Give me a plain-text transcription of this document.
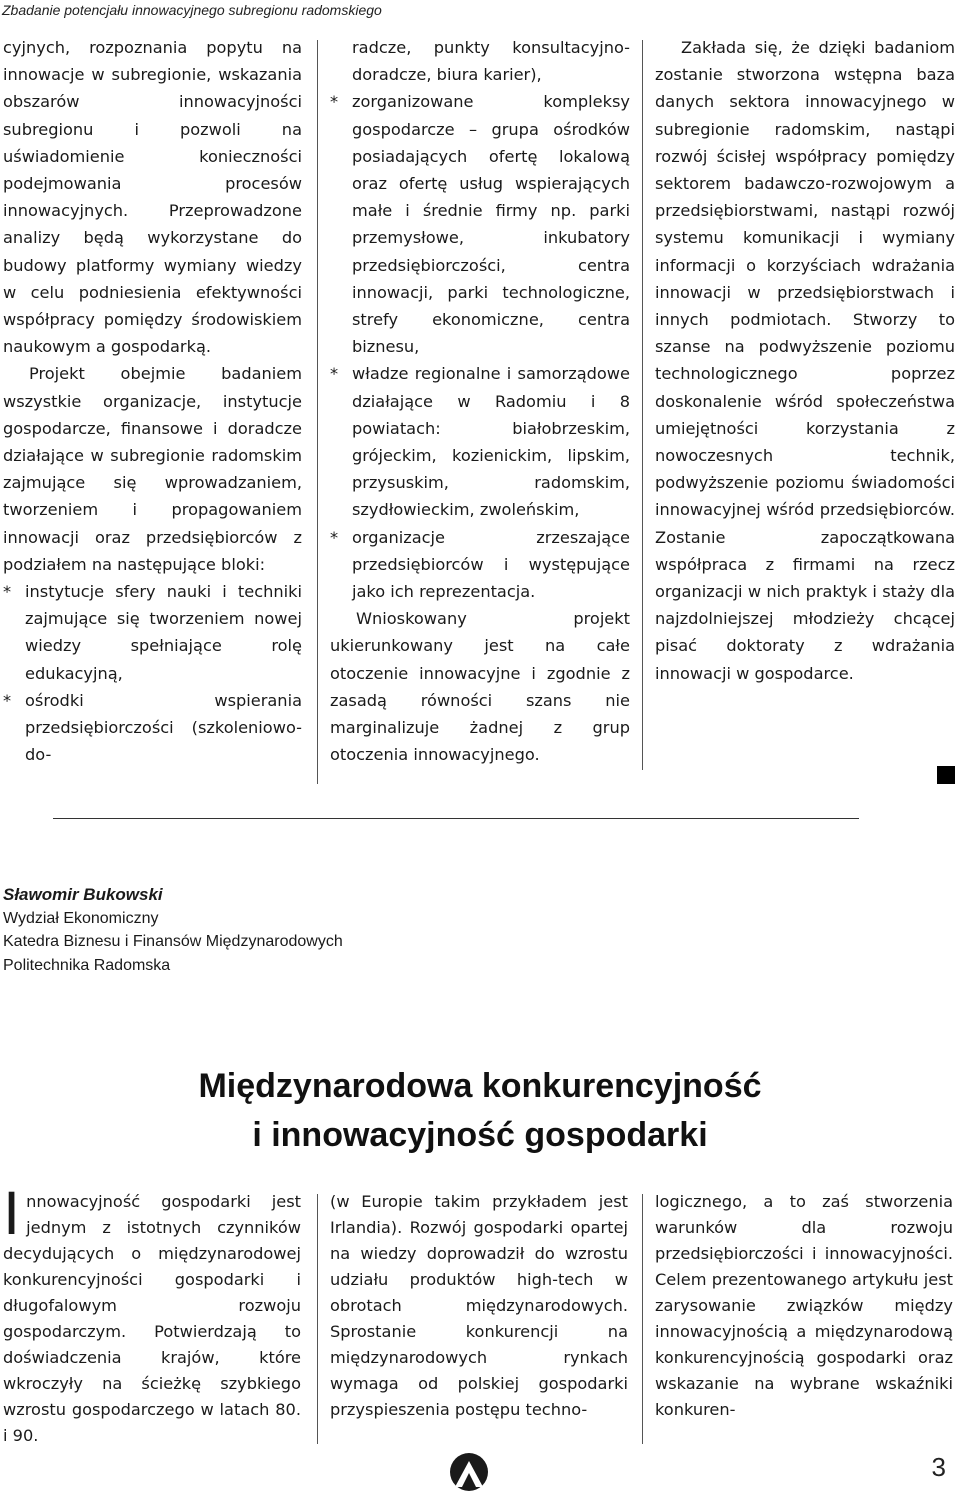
Zbadanie potencjału innowacyjnego subregionu radomskiego

cyjnych, rozpoznania popytu na innowacje w subregionie, wskazania obszarów innowacyjności subregionu i pozwoli na uświadomienie konieczności podejmowania procesów innowacyjnych. Przeprowadzone analizy będą wykorzystane do budowy platformy wymiany wiedzy w celu podniesienia efektywności współpracy pomiędzy środowiskiem naukowym a gospodarką.

Projekt obejmie badaniem wszystkie organizacje, instytucje gospodarcze, finansowe i doradcze działające w subregionie radomskim zajmujące się wprowadzaniem, tworzeniem i propagowaniem innowacji oraz przedsiębiorców z podziałem na następujące bloki:

* instytucje sfery nauki i techniki zajmujące się tworzeniem nowej wiedzy spełniające rolę edukacyjną,

* ośrodki wspierania przedsiębiorczości (szkoleniowo-do-

radcze, punkty konsultacyjno-doradcze, biura karier),

* zorganizowane kompleksy gospodarcze – grupa ośrodków posiadających ofertę lokalową oraz ofertę usług wspierających małe i średnie firmy np. parki przemysłowe, inkubatory przedsiębiorczości, centra innowacji, parki technologiczne, strefy ekonomiczne, centra biznesu,

* władze regionalne i samorządowe działające w Radomiu i 8 powiatach: białobrzeskim, grójeckim, kozienickim, lipskim, przysuskim, radomskim, szydłowieckim, zwoleńskim,

* organizacje zrzeszające przedsiębiorców i występujące jako ich reprezentacja.

Wnioskowany projekt ukierunkowany jest na całe otoczenie innowacyjne i zgodnie z zasadą równości szans nie marginalizuje żadnej z grup otoczenia innowacyjnego.

Zakłada się, że dzięki badaniom zostanie stworzona wstępna baza danych sektora innowacyjnego w subregionie radomskim, nastąpi rozwój ścisłej współpracy pomiędzy sektorem badawczo-rozwojowym a przedsiębiorstwami, nastąpi rozwój systemu komunikacji i wymiany informacji o korzyściach wdrażania innowacji w przedsiębiorstwach i innych podmiotach. Stworzy to szanse na podwyższenie poziomu technologicznego poprzez doskonalenie wśród społeczeństwa umiejętności korzystania z nowoczesnych technik, podwyższenie poziomu świadomości innowacyjnej wśród przedsiębiorców. Zostanie zapoczątkowana współpraca z firmami na rzecz organizacji w nich praktyk i staży dla najzdolniejszej młodzieży chcącej pisać doktoraty z wdrażania innowacji w gospodarce.

Sławomir Bukowski
Wydział Ekonomiczny
Katedra Biznesu i Finansów Międzynarodowych
Politechnika Radomska
Międzynarodowa konkurencyjność
i innowacyjność gospodarki

Innowacyjność gospodarki jest jednym z istotnych czynników decydujących o międzynarodowej konkurencyjności gospodarki i długofalowym rozwoju gospodarczym. Potwierdzają to doświadczenia krajów, które wkroczyły na ścieżkę szybkiego wzrostu gospodarczego w latach 80. i 90.

(w Europie takim przykładem jest Irlandia). Rozwój gospodarki opartej na wiedzy doprowadził do wzrostu udziału produktów high-tech w obrotach międzynarodowych. Sprostanie konkurencji na międzynarodowych rynkach wymaga od polskiej gospodarki przyspieszenia postępu techno-

logicznego, a to zaś stworzenia warunków dla rozwoju przedsiębiorczości i innowacyjności. Celem prezentowanego artykułu jest zarysowanie związków między innowacyjnością a międzynarodową konkurencyjnością gospodarki oraz wskazanie na wybrane wskaźniki konkuren-

3
